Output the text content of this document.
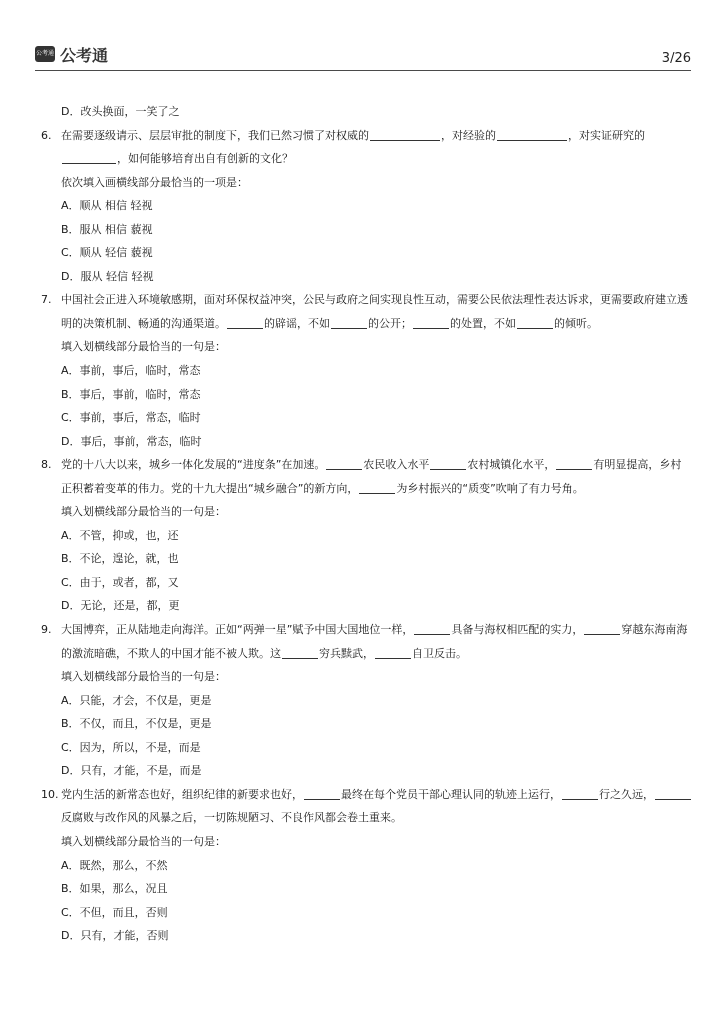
公考通 公考通	3/26
D．改头换面，一笑了之
6. 在需要逐级请示、层层审批的制度下，我们已然习惯了对权威的	，对经验的	，对实证研究的
，如何能够培育出自有创新的文化？
依次填入画横线部分最恰当的一项是：
A．顺从 相信 轻视
B．服从 相信 藐视
C．顺从 轻信 藐视
D．服从 轻信 轻视
7. 中国社会正进入环境敏感期，面对环保权益冲突，公民与政府之间实现良性互动，需要公民依法理性表达诉求，更需要政府建立透明的决策机制、畅通的沟通渠道。	的辟谣，不如	的公开；	的处置，不如	的倾听。
填入划横线部分最恰当的一句是：
A．事前，事后，临时，常态
B．事后，事前，临时，常态
C．事前，事后，常态，临时
D．事后，事前，常态，临时
8. 党的十八大以来，城乡一体化发展的“进度条”在加速。	农民收入水平	农村城镇化水平，	有明显提高，乡村正积蓄着变革的伟力。党的十九大提出“城乡融合”的新方向，	为乡村振兴的“质变”吹响了有力号角。
填入划横线部分最恰当的一句是：
A．不管，抑或，也，还
B．不论，遑论，就，也
C．由于，或者，都，又
D．无论，还是，都，更
9. 大国博弈，正从陆地走向海洋。正如“两弹一星”赋予中国大国地位一样，	具备与海权相匹配的实力，	穿越东海南海的激流暗礁，不欺人的中国才能不被人欺。这	穷兵黩武，	自卫反击。
填入划横线部分最恰当的一句是：
A．只能，才会，不仅是，更是
B．不仅，而且，不仅是，更是
C．因为，所以，不是，而是
D．只有，才能，不是，而是
10. 党内生活的新常态也好，组织纪律的新要求也好，	最终在每个党员干部心理认同的轨迹上运行，	行之久远，反腐败与改作风的风暴之后，一切陈规陋习、不良作风都会卷土重来。
填入划横线部分最恰当的一句是：
A．既然，那么，不然
B．如果，那么，况且
C．不但，而且，否则
D．只有，才能，否则
